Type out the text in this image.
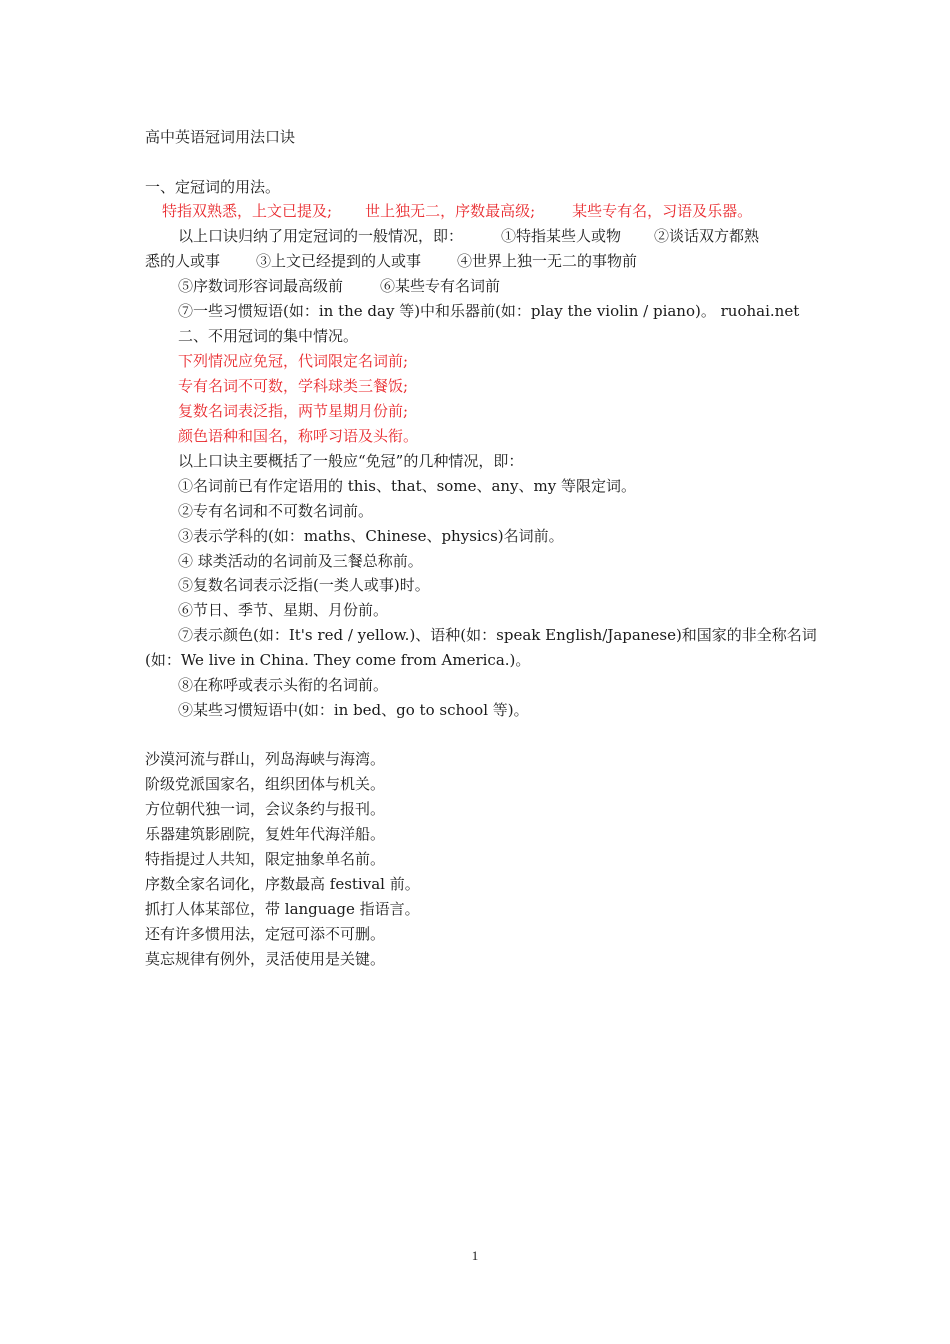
高中英语冠词用法口诀
一、定冠词的用法。
特指双熟悉，上文已提及; 世上独无二，序数最高级; 某些专有名，习语及乐器。
以上口诀归纳了用定冠词的一般情况，即：	①特指某些人或物 ②谈话双方都熟
悉的人或事 ③上文已经提到的人或事 ④世界上独一无二的事物前
⑤序数词形容词最高级前 ⑥某些专有名词前
⑦一些习惯短语(如：in the day 等)中和乐器前(如：play the violin / piano)。 ruohai.net
二、不用冠词的集中情况。
下列情况应免冠，代词限定名词前;
专有名词不可数，学科球类三餐饭;
复数名词表泛指，两节星期月份前;
颜色语种和国名，称呼习语及头衔。
以上口诀主要概括了一般应“免冠”的几种情况，即：
①名词前已有作定语用的 this、that、some、any、my 等限定词。
②专有名词和不可数名词前。
③表示学科的(如：maths、Chinese、physics)名词前。
④ 球类活动的名词前及三餐总称前。
⑤复数名词表示泛指(一类人或事)时。
⑥节日、季节、星期、月份前。
⑦表示颜色(如：It's red / yellow.)、语种(如：speak English/Japanese)和国家的非全称名词
(如：We live in China. They come from America.)。
⑧在称呼或表示头衔的名词前。
⑨某些习惯短语中(如：in bed、go to school 等)。
沙漠河流与群山，列岛海峡与海湾。
阶级党派国家名，组织团体与机关。
方位朝代独一词，会议条约与报刊。
乐器建筑影剧院，复姓年代海洋船。
特指提过人共知，限定抽象单名前。
序数全家名词化，序数最高 festival 前。
抓打人体某部位，带 language 指语言。
还有许多惯用法，定冠可添不可删。
莫忘规律有例外，灵活使用是关键。
1
